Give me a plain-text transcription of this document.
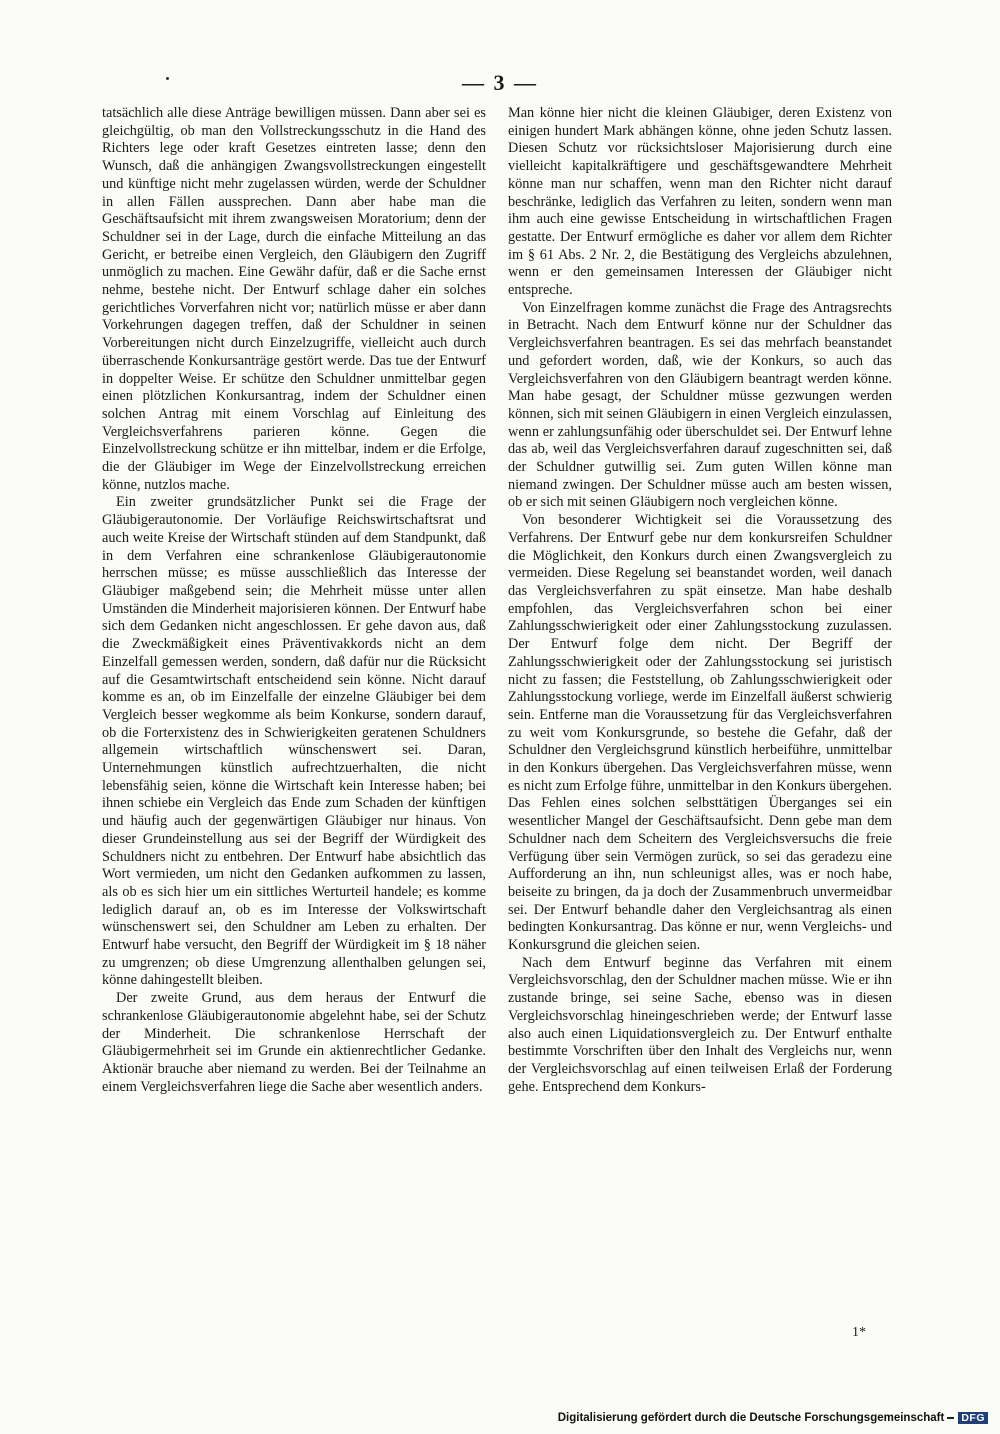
— 3 —

tatsächlich alle diese Anträge bewilligen müssen. Dann aber sei es gleichgültig, ob man den Vollstreckungsschutz in die Hand des Richters lege oder kraft Gesetzes eintreten lasse; denn den Wunsch, daß die anhängigen Zwangsvollstreckungen eingestellt und künftige nicht mehr zugelassen würden, werde der Schuldner in allen Fällen aussprechen. Dann aber habe man die Geschäftsaufsicht mit ihrem zwangsweisen Moratorium; denn der Schuldner sei in der Lage, durch die einfache Mitteilung an das Gericht, er betreibe einen Vergleich, den Gläubigern den Zugriff unmöglich zu machen. Eine Gewähr dafür, daß er die Sache ernst nehme, bestehe nicht. Der Entwurf schlage daher ein solches gerichtliches Vorverfahren nicht vor; natürlich müsse er aber dann Vorkehrungen dagegen treffen, daß der Schuldner in seinen Vorbereitungen nicht durch Einzelzugriffe, vielleicht auch durch überraschende Konkursanträge gestört werde. Das tue der Entwurf in doppelter Weise. Er schütze den Schuldner unmittelbar gegen einen plötzlichen Konkursantrag, indem der Schuldner einen solchen Antrag mit einem Vorschlag auf Einleitung des Vergleichsverfahrens parieren könne. Gegen die Einzelvollstreckung schütze er ihn mittelbar, indem er die Erfolge, die der Gläubiger im Wege der Einzelvollstreckung erreichen könne, nutzlos mache.

Ein zweiter grundsätzlicher Punkt sei die Frage der Gläubigerautonomie. Der Vorläufige Reichswirtschaftsrat und auch weite Kreise der Wirtschaft stünden auf dem Standpunkt, daß in dem Verfahren eine schrankenlose Gläubigerautonomie herrschen müsse; es müsse ausschließlich das Interesse der Gläubiger maßgebend sein; die Mehrheit müsse unter allen Umständen die Minderheit majorisieren können. Der Entwurf habe sich dem Gedanken nicht angeschlossen. Er gehe davon aus, daß die Zweckmäßigkeit eines Präventivakkords nicht an dem Einzelfall gemessen werden, sondern, daß dafür nur die Rücksicht auf die Gesamtwirtschaft entscheidend sein könne. Nicht darauf komme es an, ob im Einzelfalle der einzelne Gläubiger bei dem Vergleich besser wegkomme als beim Konkurse, sondern darauf, ob die Forterxistenz des in Schwierigkeiten geratenen Schuldners allgemein wirtschaftlich wünschenswert sei. Daran, Unternehmungen künstlich aufrechtzuerhalten, die nicht lebensfähig seien, könne die Wirtschaft kein Interesse haben; bei ihnen schiebe ein Vergleich das Ende zum Schaden der künftigen und häufig auch der gegenwärtigen Gläubiger nur hinaus. Von dieser Grundeinstellung aus sei der Begriff der Würdigkeit des Schuldners nicht zu entbehren. Der Entwurf habe absichtlich das Wort vermieden, um nicht den Gedanken aufkommen zu lassen, als ob es sich hier um ein sittliches Werturteil handele; es komme lediglich darauf an, ob es im Interesse der Volkswirtschaft wünschenswert sei, den Schuldner am Leben zu erhalten. Der Entwurf habe versucht, den Begriff der Würdigkeit im § 18 näher zu umgrenzen; ob diese Umgrenzung allenthalben gelungen sei, könne dahingestellt bleiben.

Der zweite Grund, aus dem heraus der Entwurf die schrankenlose Gläubigerautonomie abgelehnt habe, sei der Schutz der Minderheit. Die schrankenlose Herrschaft der Gläubigermehrheit sei im Grunde ein aktienrechtlicher Gedanke. Aktionär brauche aber niemand zu werden. Bei der Teilnahme an einem Vergleichsverfahren liege die Sache aber wesentlich anders.

Man könne hier nicht die kleinen Gläubiger, deren Existenz von einigen hundert Mark abhängen könne, ohne jeden Schutz lassen. Diesen Schutz vor rücksichtsloser Majorisierung durch eine vielleicht kapitalkräftigere und geschäftsgewandtere Mehrheit könne man nur schaffen, wenn man den Richter nicht darauf beschränke, lediglich das Verfahren zu leiten, sondern wenn man ihm auch eine gewisse Entscheidung in wirtschaftlichen Fragen gestatte. Der Entwurf ermögliche es daher vor allem dem Richter im § 61 Abs. 2 Nr. 2, die Bestätigung des Vergleichs abzulehnen, wenn er den gemeinsamen Interessen der Gläubiger nicht entspreche.

Von Einzelfragen komme zunächst die Frage des Antragsrechts in Betracht. Nach dem Entwurf könne nur der Schuldner das Vergleichsverfahren beantragen. Es sei das mehrfach beanstandet und gefordert worden, daß, wie der Konkurs, so auch das Vergleichsverfahren von den Gläubigern beantragt werden könne. Man habe gesagt, der Schuldner müsse gezwungen werden können, sich mit seinen Gläubigern in einen Vergleich einzulassen, wenn er zahlungsunfähig oder überschuldet sei. Der Entwurf lehne das ab, weil das Vergleichsverfahren darauf zugeschnitten sei, daß der Schuldner gutwillig sei. Zum guten Willen könne man niemand zwingen. Der Schuldner müsse auch am besten wissen, ob er sich mit seinen Gläubigern noch vergleichen könne.

Von besonderer Wichtigkeit sei die Voraussetzung des Verfahrens. Der Entwurf gebe nur dem konkursreifen Schuldner die Möglichkeit, den Konkurs durch einen Zwangsvergleich zu vermeiden. Diese Regelung sei beanstandet worden, weil danach das Vergleichsverfahren zu spät einsetze. Man habe deshalb empfohlen, das Vergleichsverfahren schon bei einer Zahlungsschwierigkeit oder einer Zahlungsstockung zuzulassen. Der Entwurf folge dem nicht. Der Begriff der Zahlungsschwierigkeit oder der Zahlungsstockung sei juristisch nicht zu fassen; die Feststellung, ob Zahlungsschwierigkeit oder Zahlungsstockung vorliege, werde im Einzelfall äußerst schwierig sein. Entferne man die Voraussetzung für das Vergleichsverfahren zu weit vom Konkursgrunde, so bestehe die Gefahr, daß der Schuldner den Vergleichsgrund künstlich herbeiführe, unmittelbar in den Konkurs übergehen. Das Vergleichsverfahren müsse, wenn es nicht zum Erfolge führe, unmittelbar in den Konkurs übergehen. Das Fehlen eines solchen selbsttätigen Überganges sei ein wesentlicher Mangel der Geschäftsaufsicht. Denn gebe man dem Schuldner nach dem Scheitern des Vergleichsversuchs die freie Verfügung über sein Vermögen zurück, so sei das geradezu eine Aufforderung an ihn, nun schleunigst alles, was er noch habe, beiseite zu bringen, da ja doch der Zusammenbruch unvermeidbar sei. Der Entwurf behandle daher den Vergleichsantrag als einen bedingten Konkursantrag. Das könne er nur, wenn Vergleichs- und Konkursgrund die gleichen seien.

Nach dem Entwurf beginne das Verfahren mit einem Vergleichsvorschlag, den der Schuldner machen müsse. Wie er ihn zustande bringe, sei seine Sache, ebenso was in diesen Vergleichsvorschlag hineingeschrieben werde; der Entwurf lasse also auch einen Liquidationsvergleich zu. Der Entwurf enthalte bestimmte Vorschriften über den Inhalt des Vergleichs nur, wenn der Vergleichsvorschlag auf einen teilweisen Erlaß der Forderung gehe. Entsprechend dem Konkurs-

1*
Digitalisierung gefördert durch die Deutsche Forschungsgemeinschaft DFG
